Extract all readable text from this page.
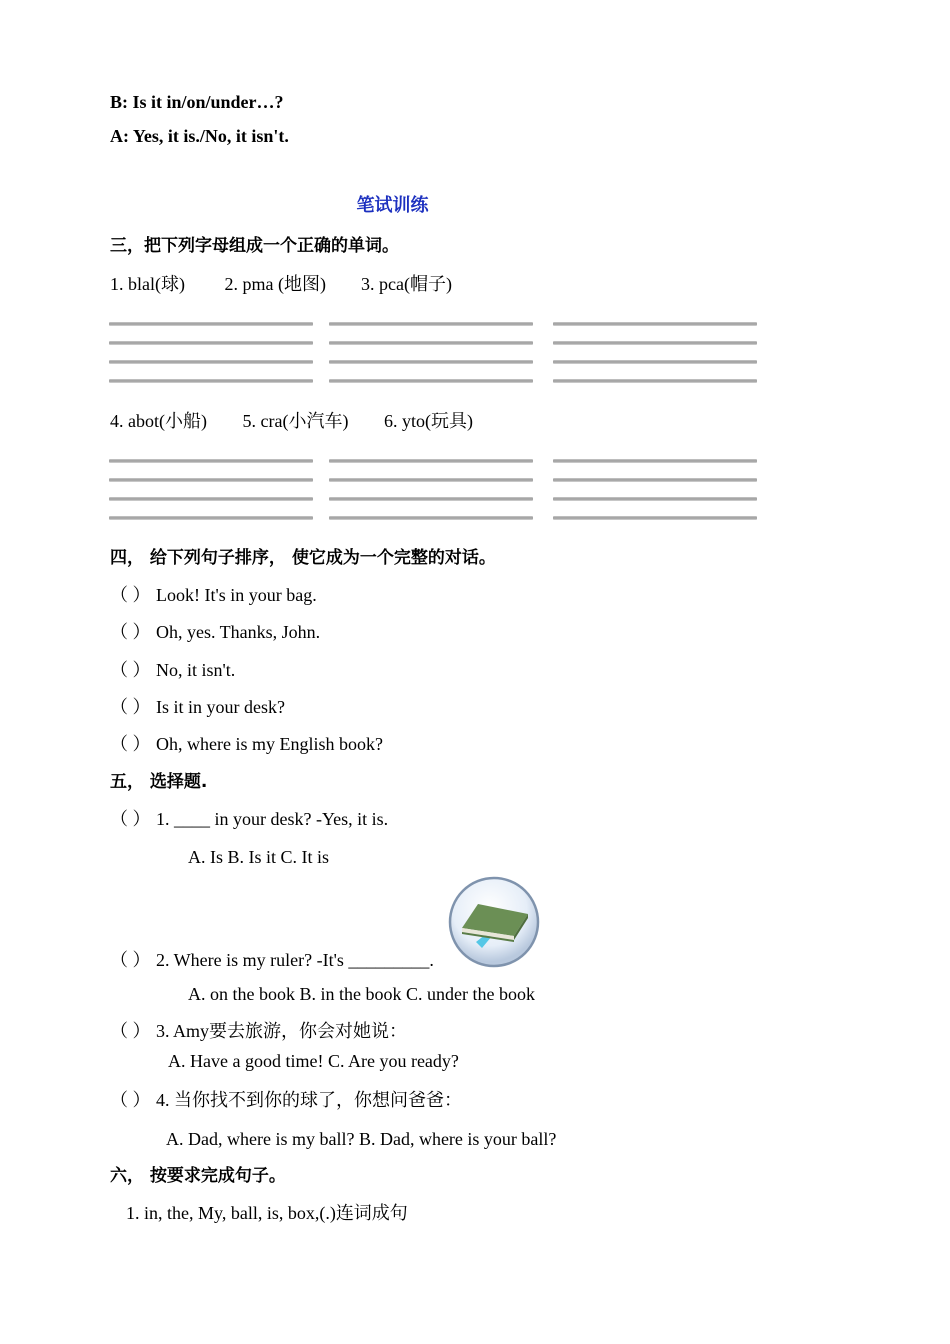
B: Is it in/on/under…?
A: Yes, it is./No, it isn't.
笔试训练
三，把下列字母组成一个正确的单词。
1. blal(球) 2. pma (地图) 3. pca(帽子)
4. abot(小船) 5. cra(小汽车) 6. yto(玩具)
四， 给下列句子排序， 使它成为一个完整的对话。
（ ） Look! It's in your bag.
（ ） Oh, yes. Thanks, John.
（ ） No, it isn't.
（ ） Is it in your desk?
（ ） Oh, where is my English book?
五， 选择题.
（ ） 1. ____ in your desk? -Yes, it is.
A. Is B. Is it C. It is
（ ） 2. Where is my ruler? -It's _________.
A. on the book B. in the book C. under the book
（ ） 3. Amy要去旅游，你会对她说：
A. Have a good time! C. Are you ready?
（ ） 4. 当你找不到你的球了，你想问爸爸：
A. Dad, where is my ball? B. Dad, where is your ball?
六， 按要求完成句子。
1. in, the, My, ball, is, box,(.)连词成句
